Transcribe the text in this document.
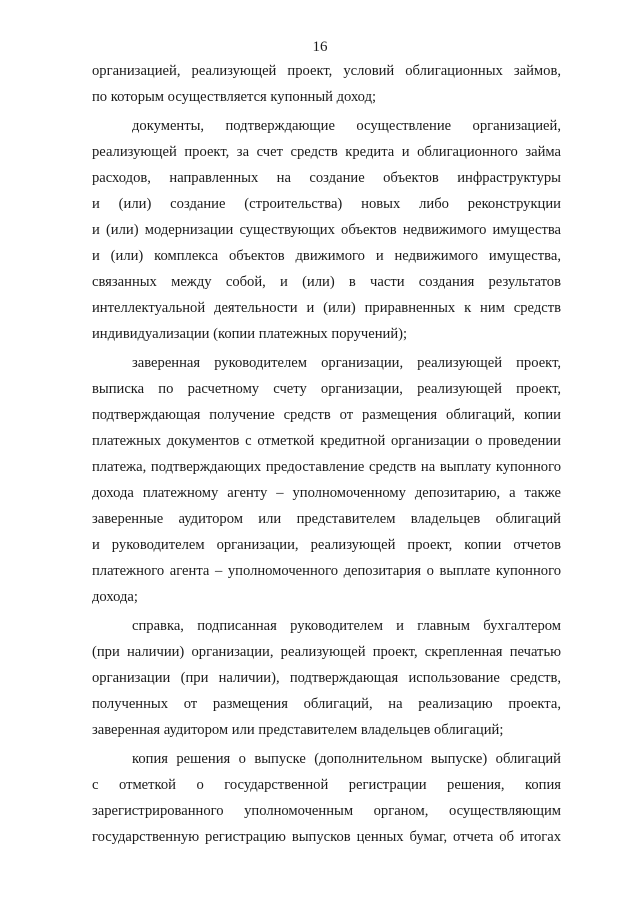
16
организацией, реализующей проект, условий облигационных займов,
по которым осуществляется купонный доход;
документы, подтверждающие осуществление организацией,
реализующей проект, за счет средств кредита и облигационного займа
расходов, направленных на создание объектов инфраструктуры
и (или) создание (строительства) новых либо реконструкции
и (или) модернизации существующих объектов недвижимого имущества
и (или) комплекса объектов движимого и недвижимого имущества,
связанных между собой, и (или) в части создания результатов
интеллектуальной деятельности и (или) приравненных к ним средств
индивидуализации (копии платежных поручений);
заверенная руководителем организации, реализующей проект,
выписка по расчетному счету организации, реализующей проект,
подтверждающая получение средств от размещения облигаций, копии
платежных документов с отметкой кредитной организации о проведении
платежа, подтверждающих предоставление средств на выплату купонного
дохода платежному агенту – уполномоченному депозитарию, а также
заверенные аудитором или представителем владельцев облигаций
и руководителем организации, реализующей проект, копии отчетов
платежного агента – уполномоченного депозитария о выплате купонного
дохода;
справка, подписанная руководителем и главным бухгалтером
(при наличии) организации, реализующей проект, скрепленная печатью
организации (при наличии), подтверждающая использование средств,
полученных от размещения облигаций, на реализацию проекта,
заверенная аудитором или представителем владельцев облигаций;
копия решения о выпуске (дополнительном выпуске) облигаций
с отметкой о государственной регистрации решения, копия
зарегистрированного уполномоченным органом, осуществляющим
государственную регистрацию выпусков ценных бумаг, отчета об итогах
